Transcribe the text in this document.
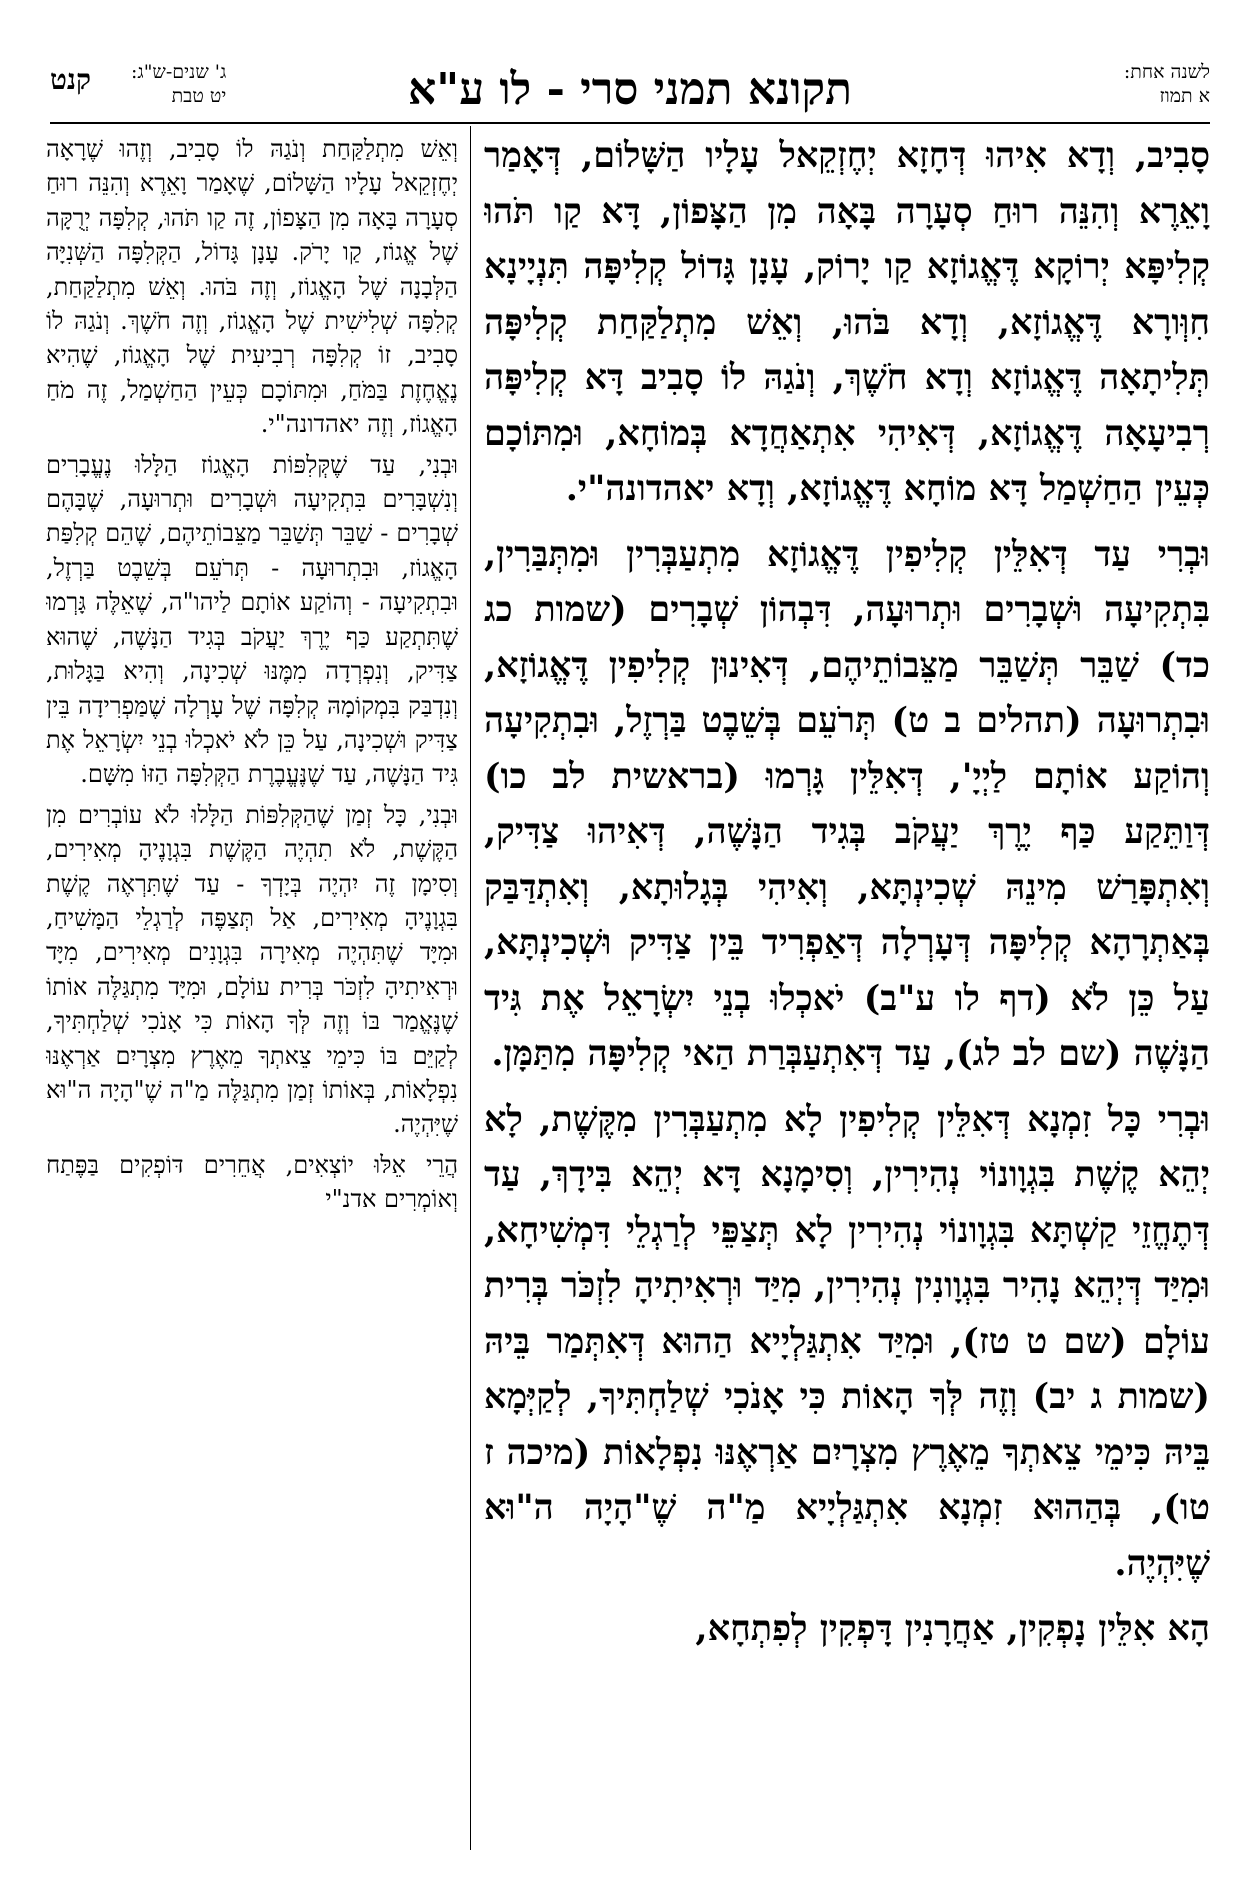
לשנה אחת:
א תמוז
תקונא תמני סרי - לו ע"א
ג' שנים-ש"ג:
יט טבת
קנט

סָבִיב, וְדָא אִיהוּ דְּחָזָא יְחֶזְקֵאל עָלָיו הַשָּׁלוֹם, דְּאָמַר וָאֵרֶא וְהִנֵּה רוּחַ סְעָרָה בָּאָה מִן הַצָּפוֹן, דָּא קַו תֹּהוּ קְלִיפָּא יְרוֹקָא דֶּאֱגוֹזָא קַו יָרוֹק, עָנָן גָּדוֹל קְלִיפָּה תִּנְיָינָא חִוְּורָא דֶּאֱגוֹזָא, וְדָא בֹּהוּ, וְאֵשׁ מִתְלַקַּחַת קְלִיפָּה תְּלִיתָאָה דֶּאֱגוֹזָא וְדָא חֹשֶׁךְ, וְנֹגַהּ לוֹ סָבִיב דָּא קְלִיפָּה רְבִיעָאָה דֶּאֱגוֹזָא, דְּאִיהִי אִתְאַחֲדָא בְּמוֹחָא, וּמִתּוֹכָם כְּעֵין הַחַשְׁמַל דָּא מוֹחָא דֶּאֱגוֹזָא, וְדָא יאהדונה"י.

וּבְרִי עַד דְּאִלֵּין קְלִיפִין דֶּאֱגוֹזָא מִתְעַבְּרִין וּמִתְּבַּרִין, בִּתְקִיעָה וּשְׁבָרִים וּתְרוּעָה, דִּבְהוֹן שְׁבָרִים (שמות כג כד) שַׁבֵּר תְּשַׁבֵּר מַצֵּבוֹתֵיהֶם, דְּאִינוּן קְלִיפִין דֶּאֱגוֹזָא, וּבִתְרוּעָה (תהלים ב ט) תְּרֹעֵם בְּשֵׁבֶט בַּרְזֶל, וּבִתְקִיעָה וְהוֹקַע אוֹתָם לַיְיָ', דְּאִלֵּין גָּרְמוּ (בראשית לב כו) דְּוַתֵּקַע כַּף יֶרֶךְ יַעֲקֹב בְּגִיד הַנָּשֶׁה, דְּאִיהוּ צַדִּיק, וְאִתְפָּרַשׁ מִינֵהּ שְׁכִינְתָּא, וְאִיהִי בְּגָלוּתָא, וְאִתְדַּבַּק בְּאַתְרָהָא קְלִיפָּה דְּעָרְלָה דְּאַפְרִיד בֵּין צַדִּיק וּשְׁכִינְתָּא, עַל כֵּן לֹא (דף לו ע"ב) יֹאכְלוּ בְנֵי יִשְׂרָאֵל אֶת גִּיד הַנָּשֶׁה (שם לב לג), עַד דְּאִתְעַבְּרַת הַאי קְלִיפָּה מִתַּמָּן.

וּבְרִי כָּל זִמְנָא דְּאִלֵּין קְלִיפִין לָא מִתְעַבְּרִין מִקֶּשֶׁת, לָא יְהֵא קֶשֶׁת בִּגְוָונוֹי נְהִירִין, וְסִימָנָא דָּא יְהֵא בִּידָךְ, עַד דְּתֶחֱזֵי קַשְׁתָּא בִּגְוָונוֹי נְהִירִין לָא תְּצַפֵּי לְרַגְלֵי דִּמְשִׁיחָא, וּמִיַּד דְּיְהֵא נָהִיר בִּגְוָונִין נְהִירִין, מִיַּד וּרְאִיתִיהָ לִזְכֹּר בְּרִית עוֹלָם (שם ט טז), וּמִיַּד אִתְגַּלְיָיא הַהוּא דְּאִתְּמַר בֵּיהּ (שמות ג יב) וְזֶה לְּךָ הָאוֹת כִּי אָנֹכִי שְׁלַחְתִּיךָ, לְקַיְּמָא בֵּיהּ כִּימֵי צֵאתְךָ מֵאֶרֶץ מִצְרָיִם אַרְאֶנּוּ נִפְלָאוֹת (מיכה ז טו), בְּהַהוּא זִמְנָא אִתְגַּלְיָיא מַ"ה שֶׁ"הָיָה ה"וּא שֶׁיִּהְיֶה.

הָא אִלֵּין נָפְקִין, אַחֲרָנִין דָּפְקִין לְפִתְחָא,

וְאֵשׁ מִתְלַקַּחַת וְנֹגַהּ לוֹ סָבִיב, וְזֶהוּ שֶׁרָאָה יְחֶזְקֵאל עָלָיו הַשָּׁלוֹם, שֶׁאָמַר וָאֵרֶא וְהִנֵּה רוּחַ סְעָרָה בָּאָה מִן הַצָּפוֹן, זֶה קַו תֹּהוּ, קְלִפָּה יְרֻקָּה שֶׁל אֱגוֹז, קַו יָרֹק. עָנָן גָּדוֹל, הַקְּלִפָּה הַשְּׁנִיָּה הַלְּבָנָה שֶׁל הָאֱגוֹז, וְזֶה בֹּהוּ. וְאֵשׁ מִתְלַקַּחַת, קְלִפָּה שְׁלִישִׁית שֶׁל הָאֱגוֹז, וְזֶה חֹשֶׁךְ. וְנֹגַהּ לוֹ סָבִיב, זוֹ קְלִפָּה רְבִיעִית שֶׁל הָאֱגוֹז, שֶׁהִיא נֶאֱחֶזֶת בַּמֹּחַ, וּמִתּוֹכָם כְּעֵין הַחַשְׁמַל, זֶה מֹחַ הָאֱגוֹז, וְזֶה יאהדונה"י.

וּבְנִי, עַד שֶׁקְּלִפּוֹת הָאֱגוֹז הַלָּלוּ נֶעֱבָרִים וְנִשְׁבָּרִים בִּתְקִיעָה וּשְׁבָרִים וּתְרוּעָה, שֶׁבָּהֶם שְׁבָרִים - שַׁבֵּר תְּשַׁבֵּר מַצֵּבוֹתֵיהֶם, שֶׁהֵם קְלִפַּת הָאֱגוֹז, וּבִתְרוּעָה - תְּרֹעֵם בְּשֵׁבֶט בַּרְזֶל, וּבִתְקִיעָה - וְהוֹקַע אוֹתָם לַיהו"ה, שֶׁאֵלֶּה גָּרְמוּ שֶׁתִּתְקַע כַּף יֶרֶךְ יַעֲקֹב בְּגִיד הַנָּשֶׁה, שֶׁהוּא צַדִּיק, וְנִפְרְדָה מִמֶּנּוּ שְׁכִינָה, וְהִיא בַּגָּלוּת, וְנִדְבַּק בִּמְקוֹמָהּ קְלִפָּה שֶׁל עָרְלָה שֶׁמַּפְרִידָה בֵּין צַדִּיק וּשְׁכִינָה, עַל כֵּן לֹא יֹאכְלוּ בְנֵי יִשְׂרָאֵל אֶת גִּיד הַנָּשֶׁה, עַד שֶׁנֶּעֱבֶרֶת הַקְּלִפָּה הַזּוֹ מִשָּׁם.

וּבְנִי, כָּל זְמַן שֶׁהַקְּלִפּוֹת הַלָּלוּ לֹא עוֹבְרִים מִן הַקֶּשֶׁת, לֹא תִהְיֶה הַקֶּשֶׁת בִּגְוָנֶיהָ מְאִירִים, וְסִימָן זֶה יִהְיֶה בְּיָדְךָ - עַד שֶׁתִּרְאֶה קֶשֶׁת בִּגְוָנֶיהָ מְאִירִים, אַל תְּצַפֶּה לְרַגְלֵי הַמָּשִׁיחַ, וּמִיָּד שֶׁתִּהְיֶה מְאִירָה בִּגְוָנִים מְאִירִים, מִיָּד וּרְאִיתִיהָ לִזְכֹּר בְּרִית עוֹלָם, וּמִיָּד מִתְגַּלֶּה אוֹתוֹ שֶׁנֶּאֱמַר בּוֹ וְזֶה לְּךָ הָאוֹת כִּי אָנֹכִי שְׁלַחְתִּיךָ, לְקַיֵּם בּוֹ כִּימֵי צֵאתְךָ מֵאֶרֶץ מִצְרָיִם אַרְאֶנּוּ נִפְלָאוֹת, בְּאוֹתוֹ זְמַן מִתְגַּלֶּה מַ"ה שֶׁ"הָיָה ה"וּא שֶׁיִּהְיֶה.

הֲרֵי אֵלּוּ יוֹצְאִים, אֲחֵרִים דּוֹפְקִים בַּפֶּתַח וְאוֹמְרִים אדנ"י
